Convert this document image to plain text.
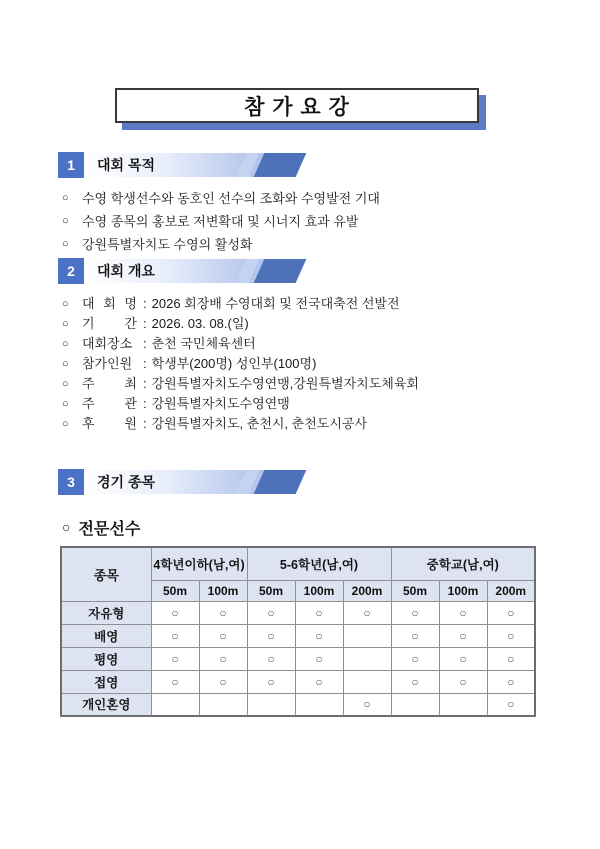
참 가 요 강
1	대회 목적
○	수영 학생선수와 동호인 선수의 조화와 수영발전 기대
○	수영 종목의 홍보로 저변확대 및 시너지 효과 유발
○	강원특별자치도 수영의 활성화
2	대회 개요
○	대 회 명 : 2026 회장배 수영대회 및 전국대축전 선발전
○	기 간 : 2026. 03. 08.(일)
○	대회장소 : 춘천 국민체육센터
○	참가인원 : 학생부(200명) 성인부(100명)
○	주 최 : 강원특별자치도수영연맹,강원특별자치도체육회
○	주 관 : 강원특별자치도수영연맹
○	후 원 : 강원특별자치도, 춘천시, 춘천도시공사
3	경기 종목
○ 전문선수
종목	4학년이하(남,여)		5-6학년(남,여)			중학교(남,여)		
	50m	100m	50m	100m	200m	50m	100m	200m
자유형	○	○	○	○	○	○	○	○
배영	○	○	○	○		○	○	○
평영	○	○	○	○		○	○	○
접영	○	○	○	○		○	○	○
개인혼영					○			○
